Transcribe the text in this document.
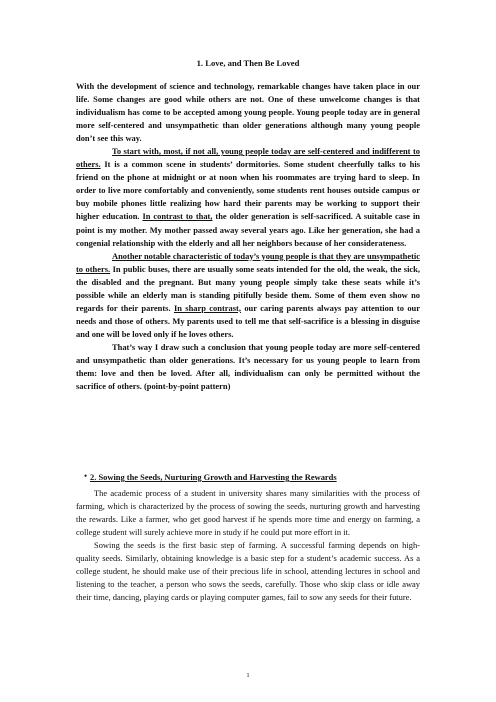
1. Love, and Then Be Loved

With the development of science and technology, remarkable changes have taken place in our life. Some changes are good while others are not. One of these unwelcome changes is that individualism has come to be accepted among young people. Young people today are in general more self-centered and unsympathetic than older generations although many young people don’t see this way.

To start with, most, if not all, young people today are self-centered and indifferent to others. It is a common scene in students’ dormitories. Some student cheerfully talks to his friend on the phone at midnight or at noon when his roommates are trying hard to sleep. In order to live more comfortably and conveniently, some students rent houses outside campus or buy mobile phones little realizing how hard their parents may be working to support their higher education. In contrast to that, the older generation is self-sacrificed. A suitable case in point is my mother. My mother passed away several years ago. Like her generation, she had a congenial relationship with the elderly and all her neighbors because of her considerateness.

Another notable characteristic of today’s young people is that they are unsympathetic to others. In public buses, there are usually some seats intended for the old, the weak, the sick, the disabled and the pregnant. But many young people simply take these seats while it’s possible while an elderly man is standing pitifully beside them. Some of them even show no regards for their parents. In sharp contrast, our caring parents always pay attention to our needs and those of others. My parents used to tell me that self-sacrifice is a blessing in disguise and one will be loved only if he loves others.

That’s way I draw such a conclusion that young people today are more self-centered and unsympathetic than older generations. It’s necessary for us young people to learn from them: love and then be loved. After all, individualism can only be permitted without the sacrifice of others. (point-by-point pattern)

• 2. Sowing the Seeds, Nurturing Growth and Harvesting the Rewards

The academic process of a student in university shares many similarities with the process of farming, which is characterized by the process of sowing the seeds, nurturing growth and harvesting the rewards. Like a farmer, who get good harvest if he spends more time and energy on farming, a college student will surely achieve more in study if he could put more effort in it.

Sowing the seeds is the first basic step of farming. A successful farming depends on high-quality seeds. Similarly, obtaining knowledge is a basic step for a student’s academic success. As a college student, he should make use of their precious life in school, attending lectures in school and listening to the teacher, a person who sows the seeds, carefully. Those who skip class or idle away their time, dancing, playing cards or playing computer games, fail to sow any seeds for their future.

1
